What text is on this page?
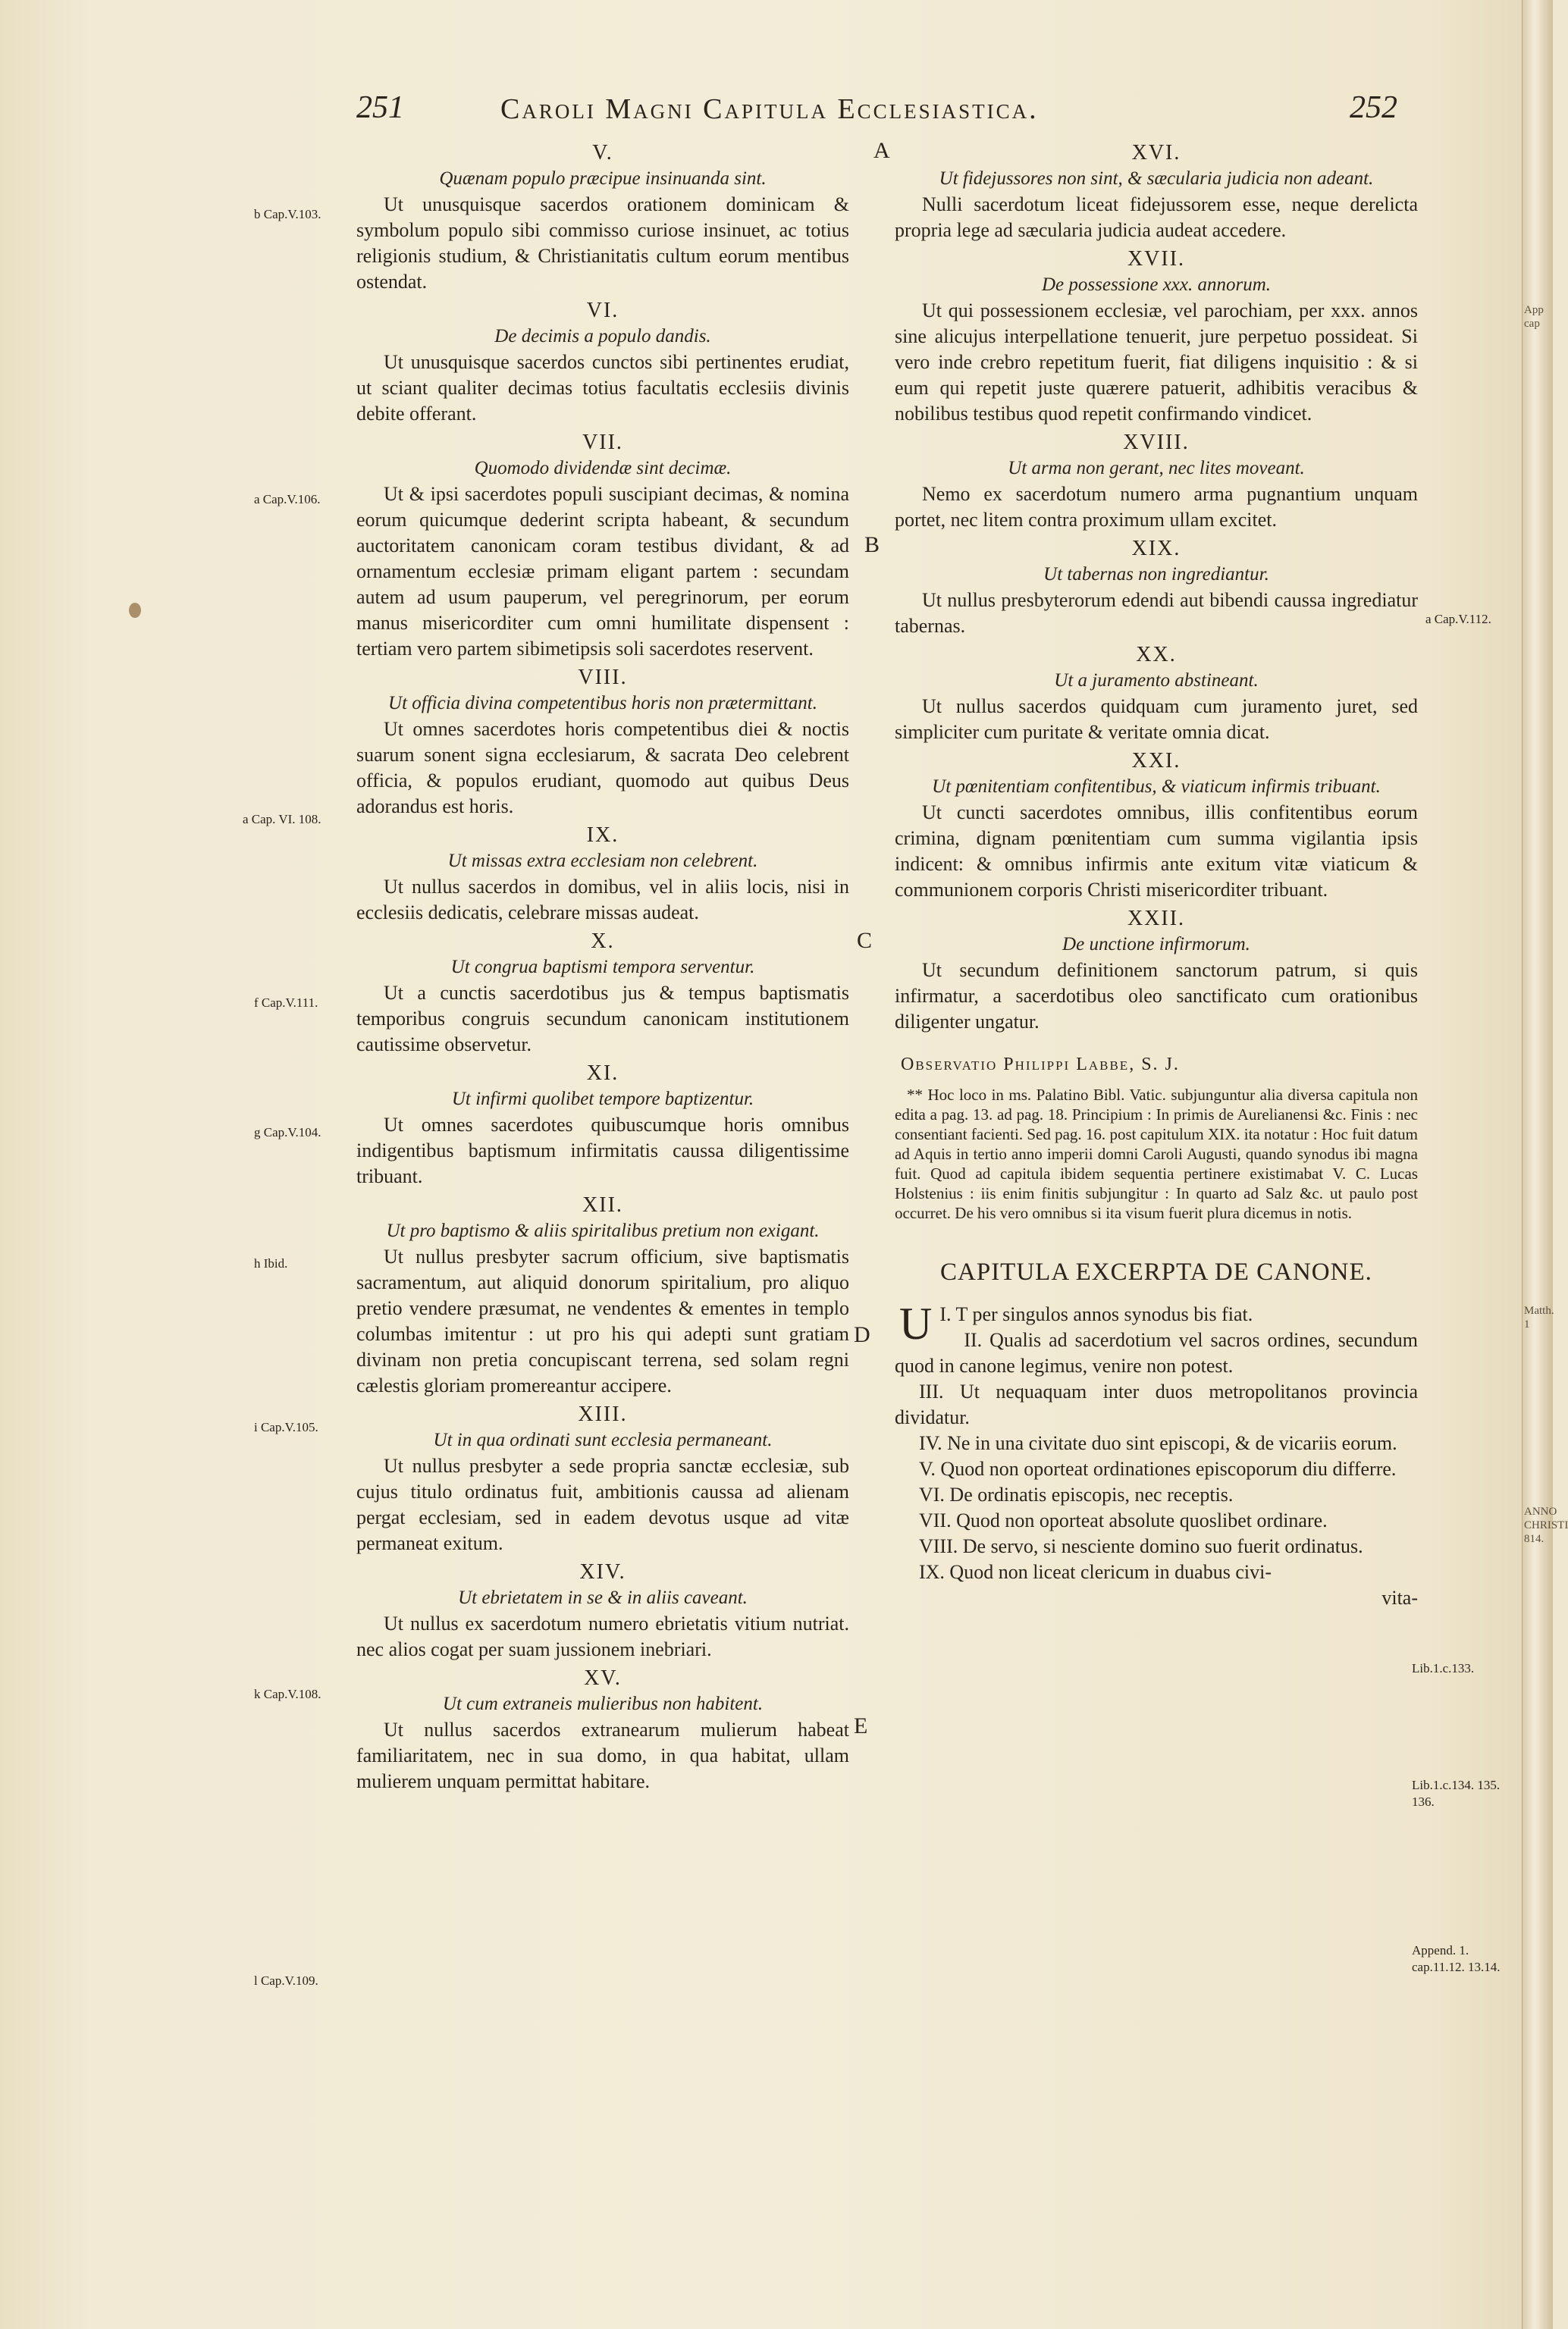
251	Caroli Magni Capitula Ecclesiastica.	252
V.
Quænam populo præcipue insinuanda sint.
Ut unusquisque sacerdos orationem dominicam & symbolum populo sibi commisso curiose insinuet, ac totius religionis studium, & Christianitatis cultum eorum mentibus ostendat.
VI.
De decimis a populo dandis.
Ut unusquisque sacerdos cunctos sibi pertinentes erudiat, ut sciant qualiter decimas totius facultatis ecclesiis divinis debite offerant.
VII.
Quomodo dividendæ sint decimæ.
Ut & ipsi sacerdotes populi suscipiant decimas, & nomina eorum quicumque dederint scripta habeant, & secundum auctoritatem canonicam coram testibus dividant, & ad ornamentum ecclesiæ primam eligant partem : secundam autem ad usum pauperum, vel peregrinorum, per eorum manus misericorditer cum omni humilitate dispensent : tertiam vero partem sibimetipsis soli sacerdotes reservent.
VIII.
Ut officia divina competentibus horis non prætermittant.
Ut omnes sacerdotes horis competentibus diei & noctis suarum sonent signa ecclesiarum, & sacrata Deo celebrent officia, & populos erudiant, quomodo aut quibus Deus adorandus est horis.
IX.
Ut missas extra ecclesiam non celebrent.
Ut nullus sacerdos in domibus, vel in aliis locis, nisi in ecclesiis dedicatis, celebrare missas audeat.
X.
Ut congrua baptismi tempora serventur.
Ut a cunctis sacerdotibus jus & tempus baptismatis temporibus congruis secundum canonicam institutionem cautissime observetur.
XI.
Ut infirmi quolibet tempore baptizentur.
Ut omnes sacerdotes quibuscumque horis omnibus indigentibus baptismum infirmitatis caussa diligentissime tribuant.
XII.
Ut pro baptismo & aliis spiritalibus pretium non exigant.
Ut nullus presbyter sacrum officium, sive baptismatis sacramentum, aut aliquid donorum spiritalium, pro aliquo pretio vendere præsumat, ne vendentes & ementes in templo columbas imitentur : ut pro his qui adepti sunt gratiam divinam non pretia concupiscant terrena, sed solam regni cælestis gloriam promereantur accipere.
XIII.
Ut in qua ordinati sunt ecclesia permaneant.
Ut nullus presbyter a sede propria sanctæ ecclesiæ, sub cujus titulo ordinatus fuit, ambitionis caussa ad alienam pergat ecclesiam, sed in eadem devotus usque ad vitæ permaneat exitum.
XIV.
Ut ebrietatem in se & in aliis caveant.
Ut nullus ex sacerdotum numero ebrietatis vitium nutriat. nec alios cogat per suam jussionem inebriari.
XV.
Ut cum extraneis mulieribus non habitent.
Ut nullus sacerdos extranearum mulierum habeat familiaritatem, nec in sua domo, in qua habitat, ullam mulierem unquam permittat habitare.
XVI.
Ut fidejussores non sint, & sæcularia judicia non adeant.
Nulli sacerdotum liceat fidejussorem esse, neque derelicta propria lege ad sæcularia judicia audeat accedere.
XVII.
De possessione xxx. annorum.
Ut qui possessionem ecclesiæ, vel parochiam, per xxx. annos sine alicujus interpellatione tenuerit, jure perpetuo possideat. Si vero inde crebro repetitum fuerit, fiat diligens inquisitio : & si eum qui repetit juste quærere patuerit, adhibitis veracibus & nobilibus testibus quod repetit confirmando vindicet.
XVIII.
Ut arma non gerant, nec lites moveant.
Nemo ex sacerdotum numero arma pugnantium unquam portet, nec litem contra proximum ullam excitet.
XIX.
Ut tabernas non ingrediantur.
Ut nullus presbyterorum edendi aut bibendi caussa ingrediatur tabernas.
XX.
Ut a juramento abstineant.
Ut nullus sacerdos quidquam cum juramento juret, sed simpliciter cum puritate & veritate omnia dicat.
XXI.
Ut pœnitentiam confitentibus, & viaticum infirmis tribuant.
Ut cuncti sacerdotes omnibus, illis confitentibus eorum crimina, dignam pœnitentiam cum summa vigilantia ipsis indicent: & omnibus infirmis ante exitum vitæ viaticum & communionem corporis Christi misericorditer tribuant.
XXII.
De unctione infirmorum.
Ut secundum definitionem sanctorum patrum, si quis infirmatur, a sacerdotibus oleo sanctificato cum orationibus diligenter ungatur.
Observatio Philippi Labbe, S. J.
** Hoc loco in ms. Palatino Bibl. Vatic. subjunguntur alia diversa capitula non edita a pag. 13. ad pag. 18. Principium : In primis de Aurelianensi &c. Finis : nec consentiant facienti. Sed pag. 16. post capitulum XIX. ita notatur : Hoc fuit datum ad Aquis in tertio anno imperii domni Caroli Augusti, quando synodus ibi magna fuit. Quod ad capitula ibidem sequentia pertinere existimabat V. C. Lucas Holstenius : iis enim finitis subjungitur : In quarto ad Salz &c. ut paulo post occurret. De his vero omnibus si ita visum fuerit plura dicemus in notis.
CAPITULA EXCERPTA DE CANONE.
U I. T per singulos annos synodus bis fiat.
II. Qualis ad sacerdotium vel sacros ordines, secundum quod in canone legimus, venire non potest.
III. Ut nequaquam inter duos metropolitanos provincia dividatur.
IV. Ne in una civitate duo sint episcopi, & de vicariis eorum.
V. Quod non oporteat ordinationes episcoporum diu differre.
VI. De ordinatis episcopis, nec receptis.
VII. Quod non oporteat absolute quoslibet ordinare.
VIII. De servo, si nesciente domino suo fuerit ordinatus.
IX. Quod non liceat clericum in duabus civi-
vita-
b Cap.V.103.
a Cap.V.106.
a Cap. VI. 108.
f Cap.V.111.
g Cap.V.104.
h Ibid.
i Cap.V.105.
k Cap.V.108.
l Cap.V.109.
a Cap.V.112.
Lib.1.c.133.
Lib.1.c.134. 135. 136.
Append. 1. cap.11.12. 13.14.
A
B
C
D
E
App cap
Matth. 1
ANNO CHRISTI 814.
